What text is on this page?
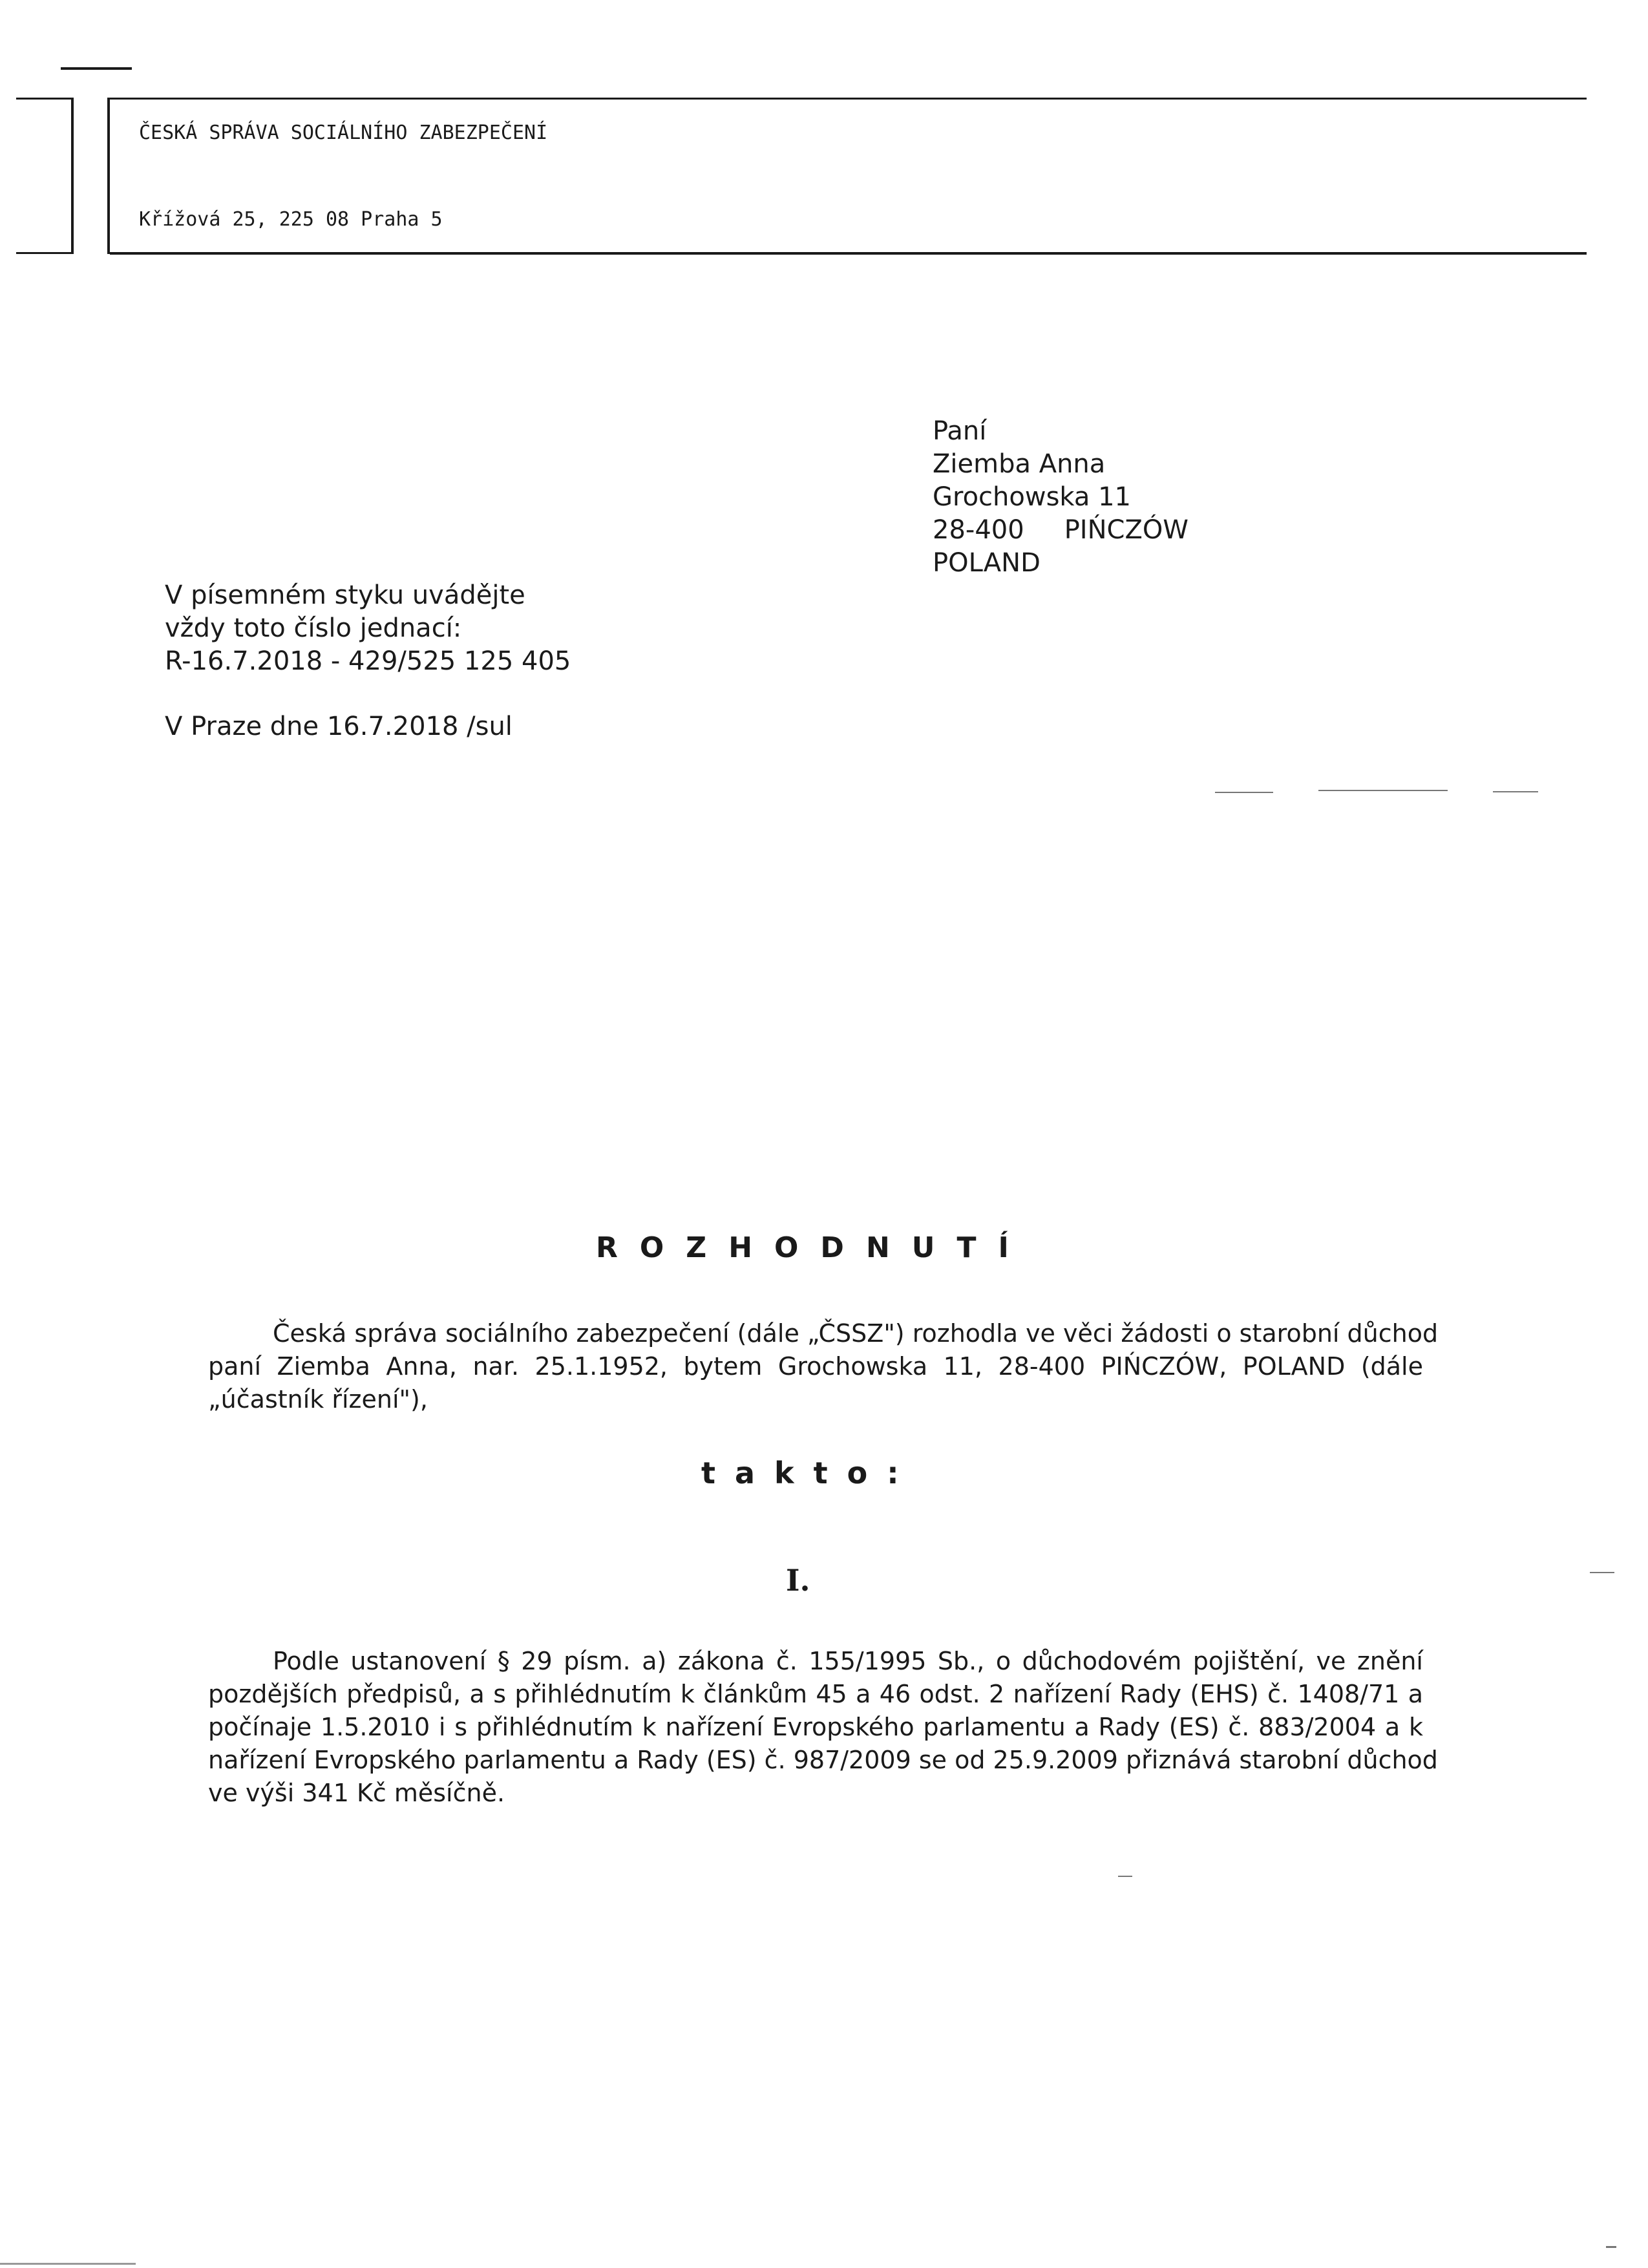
ČESKÁ SPRÁVA SOCIÁLNÍHO ZABEZPEČENÍ
Křížová 25, 225 08 Praha 5
Paní
Ziemba Anna
Grochowska 11
28-400 PIŃCZÓW
POLAND
V písemném styku uvádějte
vždy toto číslo jednací:
R-16.7.2018 - 429/525 125 405
V Praze dne 16.7.2018 /sul
ROZHODNUTÍ
Česká správa sociálního zabezpečení (dále „ČSSZ") rozhodla ve věci žádosti o starobní důchod
paní Ziemba Anna, nar. 25.1.1952, bytem Grochowska 11, 28-400 PIŃCZÓW, POLAND (dále
„účastník řízení"),
takto:
I.
Podle ustanovení § 29 písm. a) zákona č. 155/1995 Sb., o důchodovém pojištění, ve znění
pozdějších předpisů, a s přihlédnutím k článkům 45 a 46 odst. 2 nařízení Rady (EHS) č. 1408/71 a
počínaje 1.5.2010 i s přihlédnutím k nařízení Evropského parlamentu a Rady (ES) č. 883/2004 a k
nařízení Evropského parlamentu a Rady (ES) č. 987/2009 se od 25.9.2009 přiznává starobní důchod
ve výši 341 Kč měsíčně.
